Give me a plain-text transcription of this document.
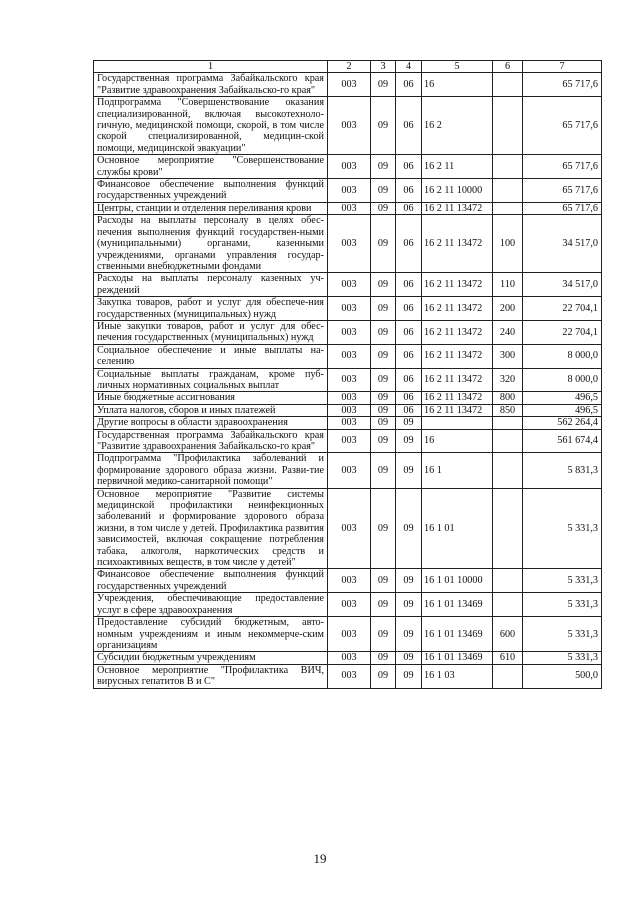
1	2	3	4	5	6	7
Государственная программа Забайкальского края "Развитие здравоохранения Забайкальско-го края"	003	09	06	16		65 717,6
Подпрограмма "Совершенствование оказания специализированной, включая высокотехноло-гичную, медицинской помощи, скорой, в том числе скорой специализированной, медицин-ской помощи, медицинской эвакуации"	003	09	06	16 2		65 717,6
Основное мероприятие "Совершенствование службы крови"	003	09	06	16 2 11		65 717,6
Финансовое обеспечение выполнения функций государственных учреждений	003	09	06	16 2 11 10000		65 717,6
Центры, станции и отделения переливания крови	003	09	06	16 2 11 13472		65 717,6
Расходы на выплаты персоналу в целях обес-печения выполнения функций государствен-ными (муниципальными) органами, казенными учреждениями, органами управления государ-ственными внебюджетными фондами	003	09	06	16 2 11 13472	100	34 517,0
Расходы на выплаты персоналу казенных уч-реждений	003	09	06	16 2 11 13472	110	34 517,0
Закупка товаров, работ и услуг для обеспече-ния государственных (муниципальных) нужд	003	09	06	16 2 11 13472	200	22 704,1
Иные закупки товаров, работ и услуг для обес-печения государственных (муниципальных) нужд	003	09	06	16 2 11 13472	240	22 704,1
Социальное обеспечение и иные выплаты на-селению	003	09	06	16 2 11 13472	300	8 000,0
Социальные выплаты гражданам, кроме пуб-личных нормативных социальных выплат	003	09	06	16 2 11 13472	320	8 000,0
Иные бюджетные ассигнования	003	09	06	16 2 11 13472	800	496,5
Уплата налогов, сборов и иных платежей	003	09	06	16 2 11 13472	850	496,5
Другие вопросы в области здравоохранения	003	09	09			562 264,4
Государственная программа Забайкальского края "Развитие здравоохранения Забайкальско-го края"	003	09	09	16		561 674,4
Подпрограмма "Профилактика заболеваний и формирование здорового образа жизни. Разви-тие первичной медико-санитарной помощи"	003	09	09	16 1		5 831,3
Основное мероприятие "Развитие системы медицинской профилактики неинфекционных заболеваний и формирование здорового образа жизни, в том числе у детей. Профилактика развития зависимостей, включая сокращение потребления табака, алкоголя, наркотических средств и психоактивных веществ, в том числе у детей"	003	09	09	16 1 01		5 331,3
Финансовое обеспечение выполнения функций государственных учреждений	003	09	09	16 1 01 10000		5 331,3
Учреждения, обеспечивающие предоставление услуг в сфере здравоохранения	003	09	09	16 1 01 13469		5 331,3
Предоставление субсидий бюджетным, авто-номным учреждениям и иным некоммерче-ским организациям	003	09	09	16 1 01 13469	600	5 331,3
Субсидии бюджетным учреждениям	003	09	09	16 1 01 13469	610	5 331,3
Основное мероприятие "Профилактика ВИЧ, вирусных гепатитов В и С"	003	09	09	16 1 03		500,0
19
